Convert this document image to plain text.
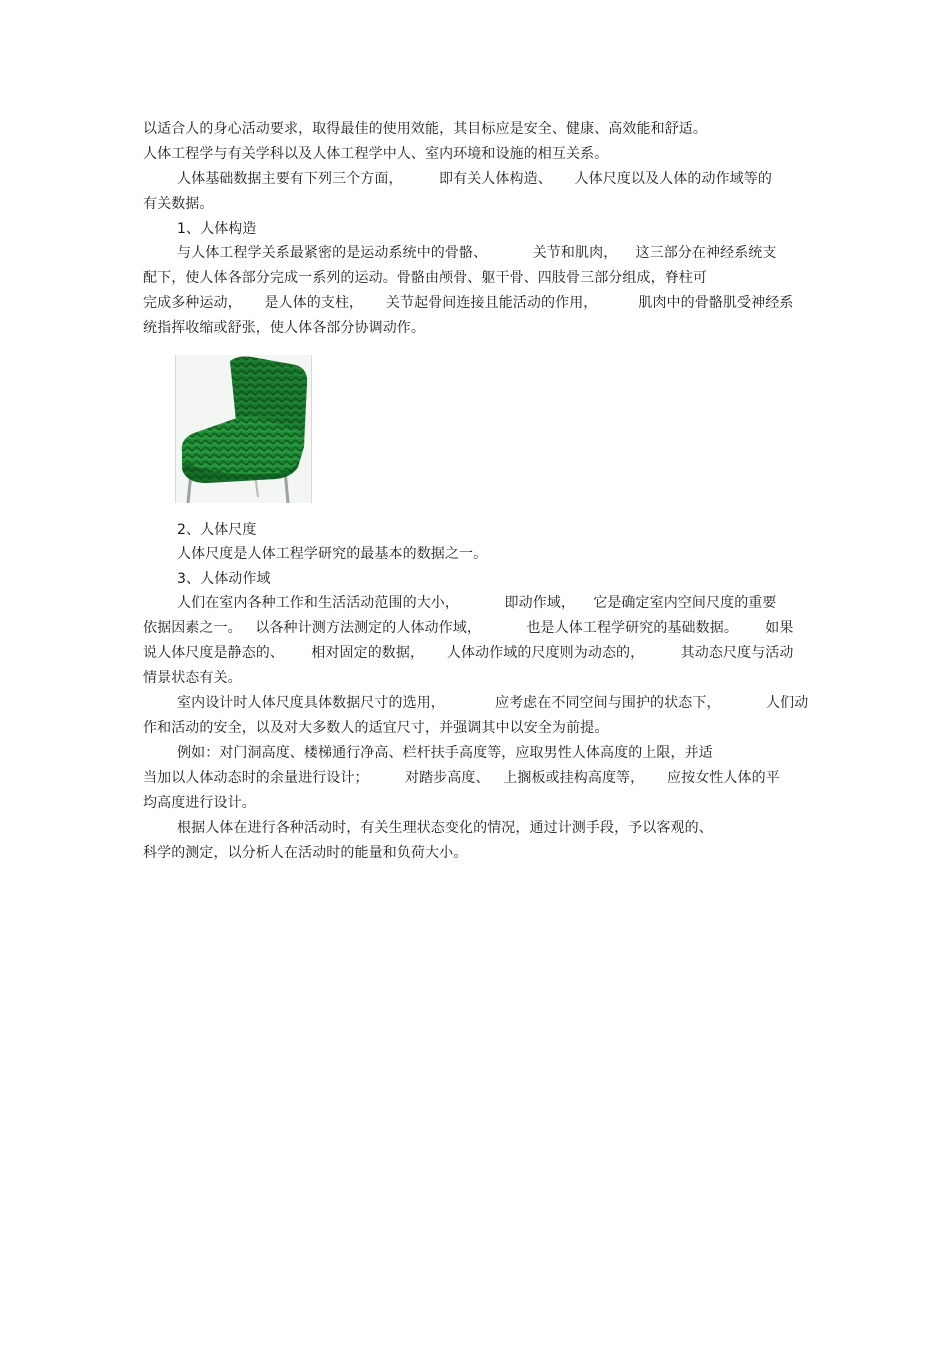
以适合人的身心活动要求，取得最佳的使用效能，其目标应是安全、健康、高效能和舒适。
人体工程学与有关学科以及人体工程学中人、室内环境和设施的相互关系。
人体基础数据主要有下列三个方面，        即有关人体构造、     人体尺度以及人体的动作域等的
有关数据。
1、人体构造
与人体工程学关系最紧密的是运动系统中的骨骼、          关节和肌肉，    这三部分在神经系统支
配下，使人体各部分完成一系列的运动。骨骼由颅骨、躯干骨、四肢骨三部分组成，脊柱可
完成多种运动，     是人体的支柱，     关节起骨间连接且能活动的作用，         肌肉中的骨骼肌受神经系
统指挥收缩或舒张，使人体各部分协调动作。
2、人体尺度
人体尺度是人体工程学研究的最基本的数据之一。
3、人体动作域
人们在室内各种工作和生活活动范围的大小，          即动作域，    它是确定室内空间尺度的重要
依据因素之一。   以各种计测方法测定的人体动作域，          也是人体工程学研究的基础数据。      如果
说人体尺度是静态的、      相对固定的数据，     人体动作域的尺度则为动态的，        其动态尺度与活动
情景状态有关。
室内设计时人体尺度具体数据尺寸的选用，           应考虑在不同空间与围护的状态下，          人们动
作和活动的安全，以及对大多数人的适宜尺寸，并强调其中以安全为前提。
例如：对门洞高度、楼梯通行净高、栏杆扶手高度等，应取男性人体高度的上限，并适
当加以人体动态时的余量进行设计；        对踏步高度、   上搁板或挂构高度等，     应按女性人体的平
均高度进行设计。
根据人体在进行各种活动时，有关生理状态变化的情况，通过计测手段，予以客观的、
科学的测定，以分析人在活动时的能量和负荷大小。
